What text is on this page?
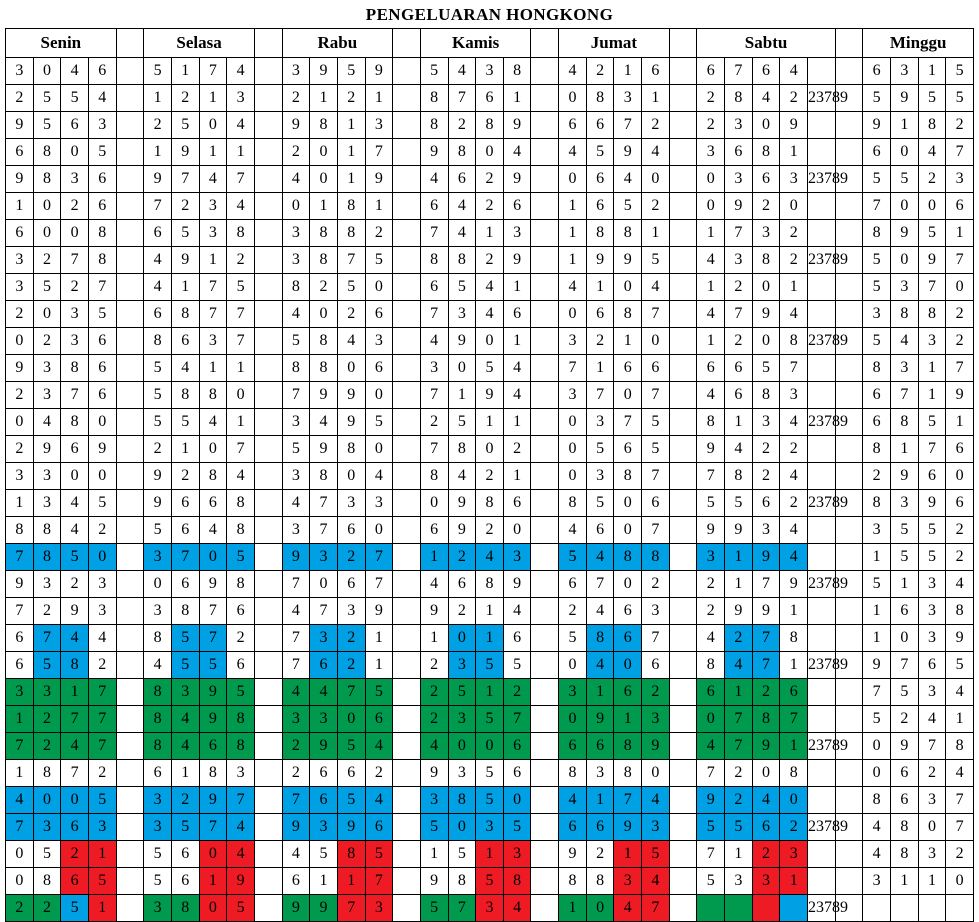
PENGELUARAN HONGKONG
Senin					Selasa					Rabu					Kamis					Jumat					Sabtu						Minggu			
3	0	4	6		5	1	7	4		3	9	5	9		5	4	3	8		4	2	1	6		6	7	6	4			6	3	1	5
2	5	5	4		1	2	1	3		2	1	2	1		8	7	6	1		0	8	3	1		2	8	4	2	23789		5	9	5	5
9	5	6	3		2	5	0	4		9	8	1	3		8	2	8	9		6	6	7	2		2	3	0	9			9	1	8	2
6	8	0	5		1	9	1	1		2	0	1	7		9	8	0	4		4	5	9	4		3	6	8	1			6	0	4	7
9	8	3	6		9	7	4	7		4	0	1	9		4	6	2	9		0	6	4	0		0	3	6	3	23789		5	5	2	3
1	0	2	6		7	2	3	4		0	1	8	1		6	4	2	6		1	6	5	2		0	9	2	0			7	0	0	6
6	0	0	8		6	5	3	8		3	8	8	2		7	4	1	3		1	8	8	1		1	7	3	2			8	9	5	1
3	2	7	8		4	9	1	2		3	8	7	5		8	8	2	9		1	9	9	5		4	3	8	2	23789		5	0	9	7
3	5	2	7		4	1	7	5		8	2	5	0		6	5	4	1		4	1	0	4		1	2	0	1			5	3	7	0
2	0	3	5		6	8	7	7		4	0	2	6		7	3	4	6		0	6	8	7		4	7	9	4			3	8	8	2
0	2	3	6		8	6	3	7		5	8	4	3		4	9	0	1		3	2	1	0		1	2	0	8	23789		5	4	3	2
9	3	8	6		5	4	1	1		8	8	0	6		3	0	5	4		7	1	6	6		6	6	5	7			8	3	1	7
2	3	7	6		5	8	8	0		7	9	9	0		7	1	9	4		3	7	0	7		4	6	8	3			6	7	1	9
0	4	8	0		5	5	4	1		3	4	9	5		2	5	1	1		0	3	7	5		8	1	3	4	23789		6	8	5	1
2	9	6	9		2	1	0	7		5	9	8	0		7	8	0	2		0	5	6	5		9	4	2	2			8	1	7	6
3	3	0	0		9	2	8	4		3	8	0	4		8	4	2	1		0	3	8	7		7	8	2	4			2	9	6	0
1	3	4	5		9	6	6	8		4	7	3	3		0	9	8	6		8	5	0	6		5	5	6	2	23789		8	3	9	6
8	8	4	2		5	6	4	8		3	7	6	0		6	9	2	0		4	6	0	7		9	9	3	4			3	5	5	2
7	8	5	0		3	7	0	5		9	3	2	7		1	2	4	3		5	4	8	8		3	1	9	4			1	5	5	2
9	3	2	3		0	6	9	8		7	0	6	7		4	6	8	9		6	7	0	2		2	1	7	9	23789		5	1	3	4
7	2	9	3		3	8	7	6		4	7	3	9		9	2	1	4		2	4	6	3		2	9	9	1			1	6	3	8
6	7	4	4		8	5	7	2		7	3	2	1		1	0	1	6		5	8	6	7		4	2	7	8			1	0	3	9
6	5	8	2		4	5	5	6		7	6	2	1		2	3	5	5		0	4	0	6		8	4	7	1	23789		9	7	6	5
3	3	1	7		8	3	9	5		4	4	7	5		2	5	1	2		3	1	6	2		6	1	2	6			7	5	3	4
1	2	7	7		8	4	9	8		3	3	0	6		2	3	5	7		0	9	1	3		0	7	8	7			5	2	4	1
7	2	4	7		8	4	6	8		2	9	5	4		4	0	0	6		6	6	8	9		4	7	9	1	23789		0	9	7	8
1	8	7	2		6	1	8	3		2	6	6	2		9	3	5	6		8	3	8	0		7	2	0	8			0	6	2	4
4	0	0	5		3	2	9	7		7	6	5	4		3	8	5	0		4	1	7	4		9	2	4	0			8	6	3	7
7	3	6	3		3	5	7	4		9	3	9	6		5	0	3	5		6	6	9	3		5	5	6	2	23789		4	8	0	7
0	5	2	1		5	6	0	4		4	5	8	5		1	5	1	3		9	2	1	5		7	1	2	3			4	8	3	2
0	8	6	5		5	6	1	9		6	1	1	7		9	8	5	8		8	8	3	4		5	3	3	1			3	1	1	0
2	2	5	1		3	8	0	5		9	9	7	3		5	7	3	4		1	0	4	7						23789					
